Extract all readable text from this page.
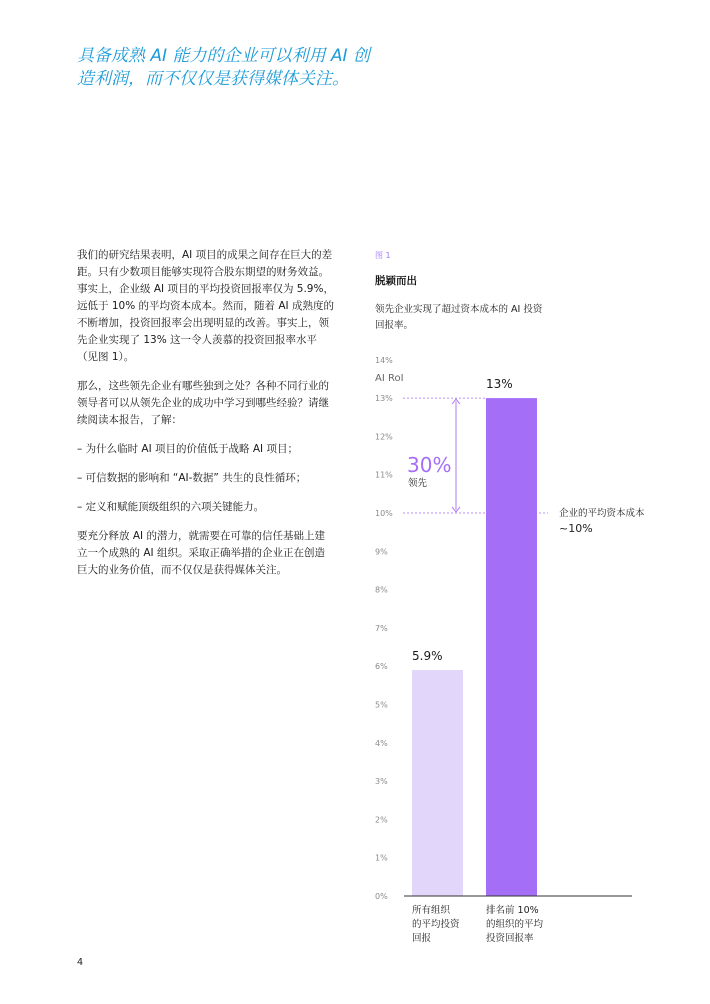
具备成熟 AI 能力的企业可以利用 AI 创造利润，而不仅仅是获得媒体关注。

我们的研究结果表明，AI 项目的成果之间存在巨大的差距。只有少数项目能够实现符合股东期望的财务效益。事实上，企业级 AI 项目的平均投资回报率仅为 5.9%，远低于 10% 的平均资本成本。然而，随着 AI 成熟度的不断增加，投资回报率会出现明显的改善。事实上，领先企业实现了 13% 这一令人羡慕的投资回报率水平（见图 1）。

那么，这些领先企业有哪些独到之处？各种不同行业的领导者可以从领先企业的成功中学习到哪些经验？请继续阅读本报告，了解：

– 为什么临时 AI 项目的价值低于战略 AI 项目；
– 可信数据的影响和 “AI-数据” 共生的良性循环；
– 定义和赋能顶级组织的六项关键能力。

要充分释放 AI 的潜力，就需要在可靠的信任基础上建立一个成熟的 AI 组织。采取正确举措的企业正在创造巨大的业务价值，而不仅仅是获得媒体关注。

图 1
脱颖而出
领先企业实现了超过资本成本的 AI 投资回报率。
AI RoI
0%
1%
2%
3%
4%
5%
6%
7%
8%
9%
10%
11%
12%
13%
14%
企业的平均资本成本
~10%
5.9%
所有组织
的平均投资
回报
13%
排名前 10%
的组织的平均
投资回报率
30%
领先
4
